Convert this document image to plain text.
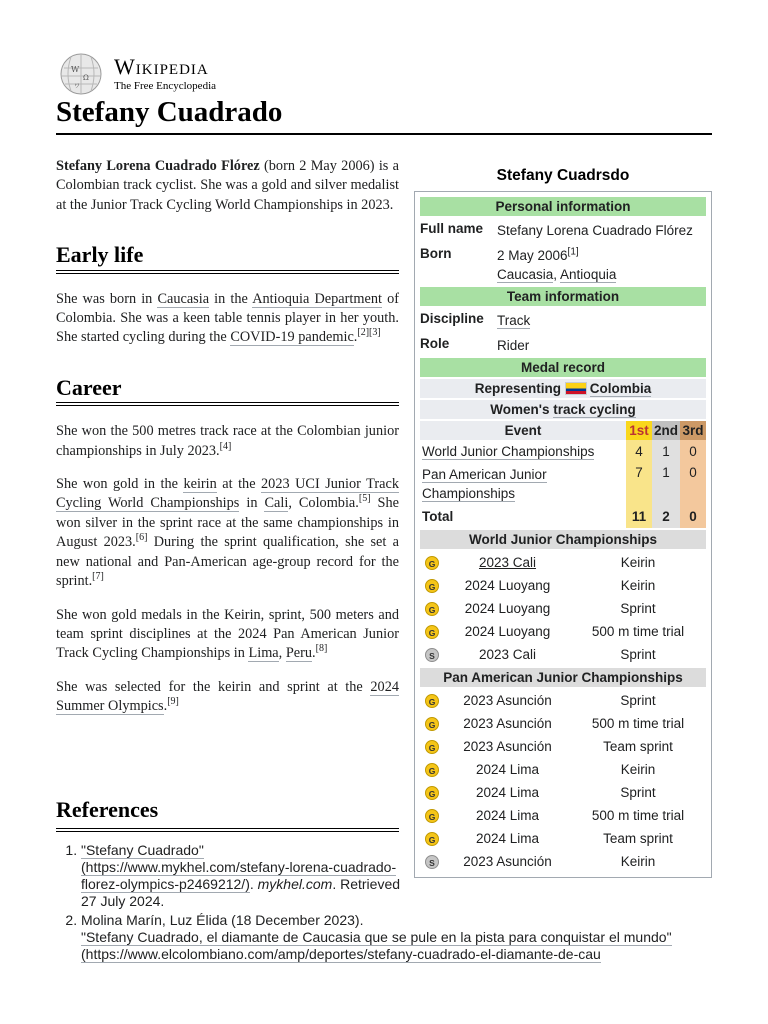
W
Ω
ワ
Wikipedia
The Free Encyclopedia
Stefany Cuadrado

Stefany Lorena Cuadrado Flórez (born 2 May 2006) is a Colombian track cyclist. She was a gold and silver medalist at the Junior Track Cycling World Championships in 2023.

Early life

She was born in Caucasia in the Antioquia Department of Colombia. She was a keen table tennis player in her youth. She started cycling during the COVID-19 pandemic.[2][3]

Career

She won the 500 metres track race at the Colombian junior championships in July 2023.[4]

She won gold in the keirin at the 2023 UCI Junior Track Cycling World Championships in Cali, Colombia.[5] She won silver in the sprint race at the same championships in August 2023.[6] During the sprint qualification, she set a new national and Pan-American age-group record for the sprint.[7]

She won gold medals in the Keirin, sprint, 500 meters and team sprint disciplines at the 2024 Pan American Junior Track Cycling Championships in Lima, Peru.[8]

She was selected for the keirin and sprint at the 2024 Summer Olympics.[9]

References
1. "Stefany Cuadrado" (https://www.mykhel.com/stefany-lorena-cuadrado-florez-olympics-p2469212/). mykhel.com. Retrieved 27 July 2024.
2. Molina Marín, Luz Élida (18 December 2023).
"Stefany Cuadrado, el diamante de Caucasia que se pule en la pista para conquistar el mundo" (https://www.elcolombiano.com/amp/deportes/stefany-cuadrado-el-diamante-de-cau
Stefany Cuadrsdo
Personal information
Full name	Stefany Lorena Cuadrado Flórez
Born	2 May 2006[1]
Caucasia, Antioquia
Team information
Discipline Track
Role	Rider
Medal record
Representing Colombia
Women's track cycling
Event	1st	2nd	3rd
World Junior Championships	4	1	0
Pan American Junior Championships	7	1	0
Total	11	2	0
World Junior Championships
G	2023 Cali	Keirin
G	2024 Luoyang	Keirin
G	2024 Luoyang	Sprint
G	2024 Luoyang	500 m time trial
S	2023 Cali	Sprint
Pan American Junior Championships
G	2023 Asunción	Sprint
G	2023 Asunción	500 m time trial
G	2023 Asunción	Team sprint
G	2024 Lima	Keirin
G	2024 Lima	Sprint
G	2024 Lima	500 m time trial
G	2024 Lima	Team sprint
S	2023 Asunción	Keirin
